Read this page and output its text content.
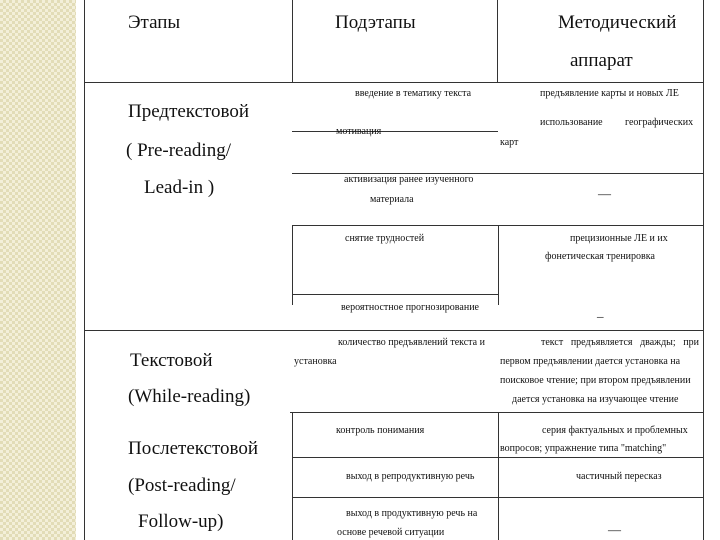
Этапы	Подэтапы	Методический
аппарат
Предтекстовой
( Pre-reading/
Lead-in )
введение в тематику текста
мотивация
активизация ранее изученного
материала
снятие трудностей
вероятностное прогнозирование
предъявление карты и новых ЛЕ
использование географических
карт
—
прецизионные ЛЕ и их
фонетическая тренировка
_
Текстовой
(While-reading)
количество предъявлений текста и
установка
текст предъявляется дважды; при
первом предъявлении дается установка на
поисковое чтение; при втором предъявлении
дается установка на изучающее чтение
Послетекстовой
(Post-reading/
Follow-up)
контроль понимания
выход в репродуктивную речь
выход в продуктивную речь на
основе речевой ситуации
серия фактуальных и проблемных
вопросов; упражнение типа "matching"
частичный пересказ
—
